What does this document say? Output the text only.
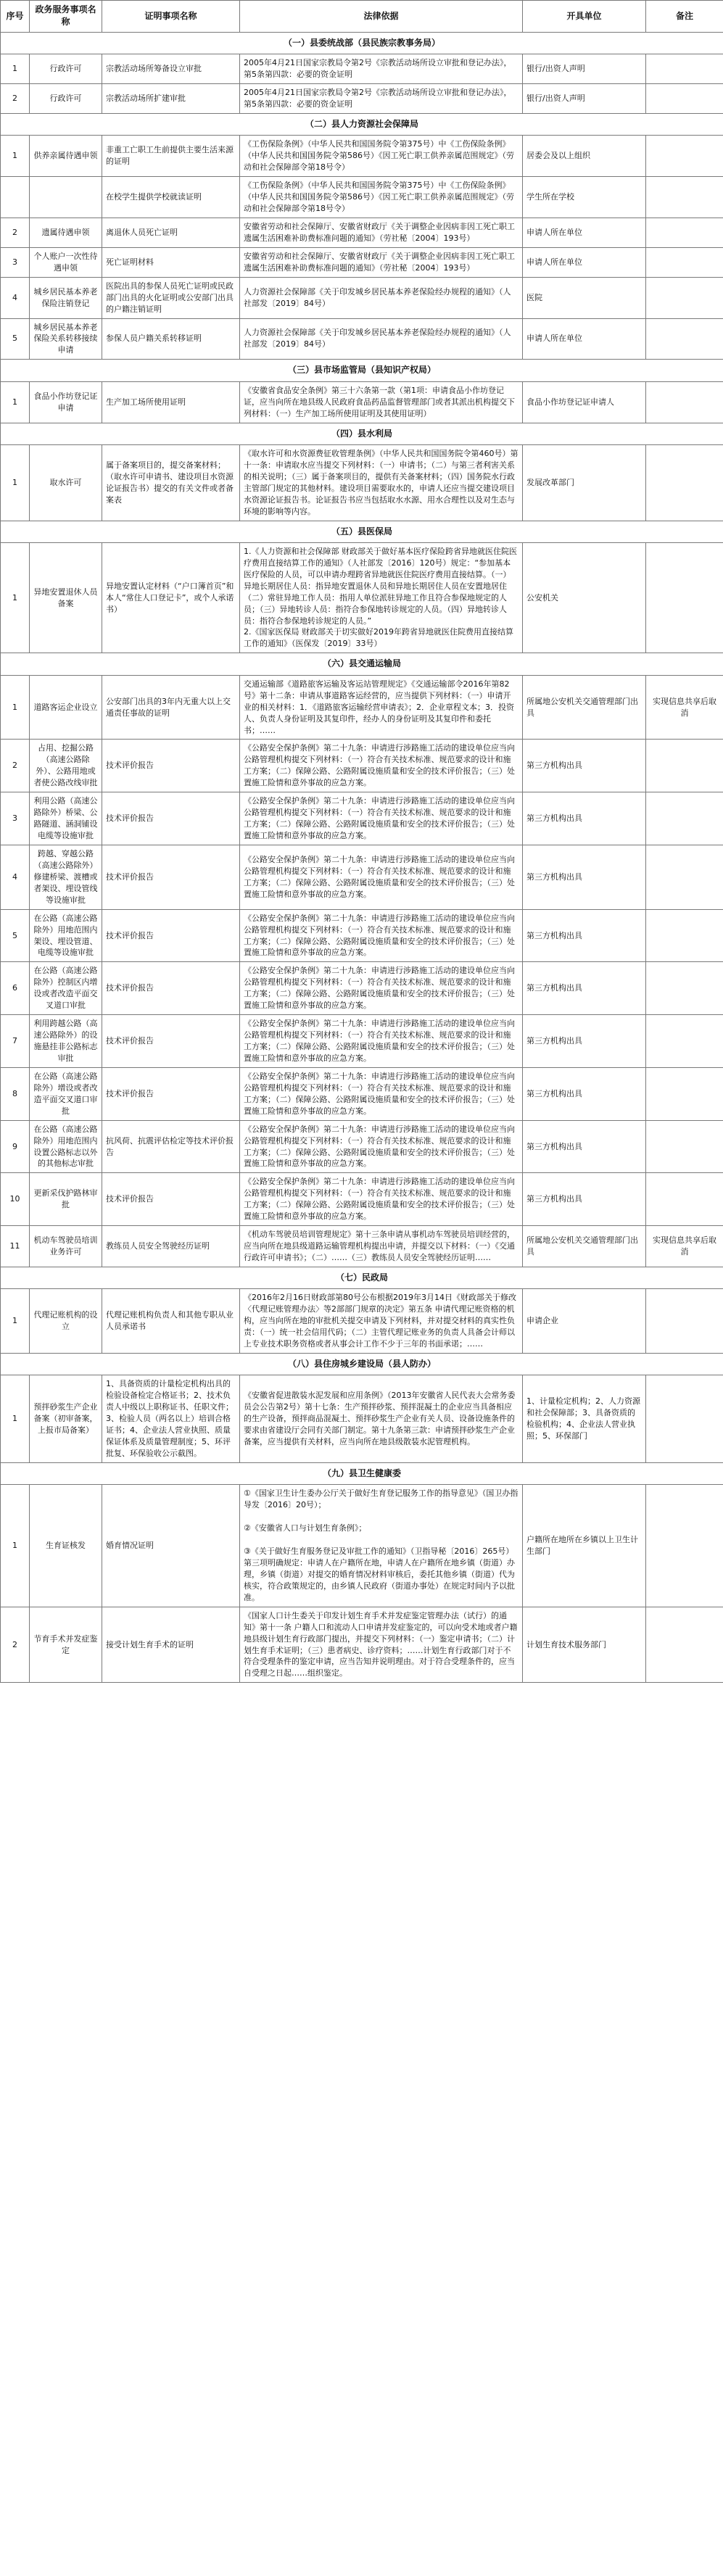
序号	政务服务事项名称	证明事项名称	法律依据	开具单位	备注
（一）县委统战部（县民族宗教事务局）					
1	行政许可	宗教活动场所筹备设立审批	2005年4月21日国家宗教局令第2号《宗教活动场所设立审批和登记办法》，第5条第四款：必要的资金证明	银行/出资人声明	
2	行政许可	宗教活动场所扩建审批	2005年4月21日国家宗教局令第2号《宗教活动场所设立审批和登记办法》，第5条第四款：必要的资金证明	银行/出资人声明	
（二）县人力资源社会保障局					
1	供养亲属待遇申领	非重工亡职工生前提供主要生活来源的证明	《工伤保险条例》（中华人民共和国国务院令第375号）中《工伤保险条例》（中华人民共和国国务院令第586号）《因工死亡职工供养亲属范围规定》（劳动和社会保障部令第18号令）	居委会及以上组织	
		在校学生提供学校就读证明	《工伤保险条例》（中华人民共和国国务院令第375号）中《工伤保险条例》（中华人民共和国国务院令第586号）《因工死亡职工供养亲属范围规定》（劳动和社会保障部令第18号令）	学生所在学校	
2	遗属待遇申领	离退休人员死亡证明	安徽省劳动和社会保障厅、安徽省财政厅《关于调整企业因病非因工死亡职工遗属生活困难补助费标准问题的通知》（劳社秘〔2004〕193号）	申请人所在单位	
3	个人账户一次性待遇申领	死亡证明材料	安徽省劳动和社会保障厅、安徽省财政厅《关于调整企业因病非因工死亡职工遗属生活困难补助费标准问题的通知》（劳社秘〔2004〕193号）	申请人所在单位	
4	城乡居民基本养老保险注销登记	医院出具的参保人员死亡证明或民政部门出具的火化证明或公安部门出具的户籍注销证明	人力资源社会保障部《关于印发城乡居民基本养老保险经办规程的通知》（人社部发〔2019〕84号）	医院	
5	城乡居民基本养老保险关系转移接续申请	参保人员户籍关系转移证明	人力资源社会保障部《关于印发城乡居民基本养老保险经办规程的通知》（人社部发〔2019〕84号）	申请人所在单位	
（三）县市场监管局（县知识产权局）					
1	食品小作坊登记证申请	生产加工场所使用证明	《安徽省食品安全条例》第三十六条第一款（第1项：申请食品小作坊登记证，应当向所在地县级人民政府食品药品监督管理部门或者其派出机构提交下列材料：（一）生产加工场所使用证明及其使用证明）	食品小作坊登记证申请人	
（四）县水利局					
1	取水许可	属于备案项目的，提交备案材料；（取水许可申请书、建设项目水资源论证报告书）提交的有关文件或者备案表	《取水许可和水资源费征收管理条例》（中华人民共和国国务院令第460号）第十一条：申请取水应当提交下列材料：（一）申请书；（二）与第三者利害关系的相关说明；（三）属于备案项目的，提供有关备案材料；（四）国务院水行政主管部门规定的其他材料。建设项目需要取水的，申请人还应当提交建设项目水资源论证报告书。论证报告书应当包括取水水源、用水合理性以及对生态与环境的影响等内容。	发展改革部门	
（五）县医保局					
1	异地安置退休人员备案	异地安置认定材料（“户口簿首页”和本人“常住人口登记卡”，或个人承诺书）	1.《人力资源和社会保障部 财政部关于做好基本医疗保险跨省异地就医住院医疗费用直接结算工作的通知》（人社部发〔2016〕120号）规定：“参加基本医疗保险的人员，可以申请办理跨省异地就医住院医疗费用直接结算。（一）异地长期居住人员：指异地安置退休人员和异地长期居住人员在安置地居住（二）常驻异地工作人员：指用人单位派驻异地工作且符合参保地规定的人员；（三）异地转诊人员：指符合参保地转诊规定的人员。（四）异地转诊人员：指符合参保地转诊规定的人员。”
2.《国家医保局 财政部关于切实做好2019年跨省异地就医住院费用直接结算工作的通知》（医保发〔2019〕33号）	公安机关	
（六）县交通运输局					
1	道路客运企业设立	公安部门出具的3年内无重大以上交通责任事故的证明	交通运输部《道路旅客运输及客运站管理规定》《交通运输部令2016年第82号》第十二条：申请从事道路客运经营的，应当提供下列材料：（一）申请开业的相关材料：1．《道路旅客运输经营申请表》；2．企业章程文本；3．投资人、负责人身份证明及其复印件，经办人的身份证明及其复印件和委托书；……	所属地公安机关交通管理部门出具	实现信息共享后取消
2	占用、挖掘公路（高速公路除外）、公路用地或者使公路改线审批	技术评价报告	《公路安全保护条例》第二十九条：申请进行涉路施工活动的建设单位应当向公路管理机构提交下列材料：（一）符合有关技术标准、规范要求的设计和施工方案；（二）保障公路、公路附属设施质量和安全的技术评价报告；（三）处置施工险情和意外事故的应急方案。	第三方机构出具	
3	利用公路（高速公路除外）桥梁、公路隧道、涵洞铺设电缆等设施审批	技术评价报告	《公路安全保护条例》第二十九条：申请进行涉路施工活动的建设单位应当向公路管理机构提交下列材料：（一）符合有关技术标准、规范要求的设计和施工方案；（二）保障公路、公路附属设施质量和安全的技术评价报告；（三）处置施工险情和意外事故的应急方案。	第三方机构出具	
4	跨越、穿越公路（高速公路除外）修建桥梁、渡槽或者架设、埋设管线等设施审批	技术评价报告	《公路安全保护条例》第二十九条：申请进行涉路施工活动的建设单位应当向公路管理机构提交下列材料：（一）符合有关技术标准、规范要求的设计和施工方案；（二）保障公路、公路附属设施质量和安全的技术评价报告；（三）处置施工险情和意外事故的应急方案。	第三方机构出具	
5	在公路（高速公路除外）用地范围内架设、埋设管道、电缆等设施审批	技术评价报告	《公路安全保护条例》第二十九条：申请进行涉路施工活动的建设单位应当向公路管理机构提交下列材料：（一）符合有关技术标准、规范要求的设计和施工方案；（二）保障公路、公路附属设施质量和安全的技术评价报告；（三）处置施工险情和意外事故的应急方案。	第三方机构出具	
6	在公路（高速公路除外）控制区内增设或者改造平面交叉道口审批	技术评价报告	《公路安全保护条例》第二十九条：申请进行涉路施工活动的建设单位应当向公路管理机构提交下列材料：（一）符合有关技术标准、规范要求的设计和施工方案；（二）保障公路、公路附属设施质量和安全的技术评价报告；（三）处置施工险情和意外事故的应急方案。	第三方机构出具	
7	利用跨越公路（高速公路除外）的设施悬挂非公路标志审批	技术评价报告	《公路安全保护条例》第二十九条：申请进行涉路施工活动的建设单位应当向公路管理机构提交下列材料：（一）符合有关技术标准、规范要求的设计和施工方案；（二）保障公路、公路附属设施质量和安全的技术评价报告；（三）处置施工险情和意外事故的应急方案。	第三方机构出具	
8	在公路（高速公路除外）增设或者改造平面交叉道口审批	技术评价报告	《公路安全保护条例》第二十九条：申请进行涉路施工活动的建设单位应当向公路管理机构提交下列材料：（一）符合有关技术标准、规范要求的设计和施工方案；（二）保障公路、公路附属设施质量和安全的技术评价报告；（三）处置施工险情和意外事故的应急方案。	第三方机构出具	
9	在公路（高速公路除外）用地范围内设置公路标志以外的其他标志审批	抗风荷、抗震评估检定等技术评价报告	《公路安全保护条例》第二十九条：申请进行涉路施工活动的建设单位应当向公路管理机构提交下列材料：（一）符合有关技术标准、规范要求的设计和施工方案；（二）保障公路、公路附属设施质量和安全的技术评价报告；（三）处置施工险情和意外事故的应急方案。	第三方机构出具	
10	更新采伐护路林审批	技术评价报告	《公路安全保护条例》第二十九条：申请进行涉路施工活动的建设单位应当向公路管理机构提交下列材料：（一）符合有关技术标准、规范要求的设计和施工方案；（二）保障公路、公路附属设施质量和安全的技术评价报告；（三）处置施工险情和意外事故的应急方案。	第三方机构出具	
11	机动车驾驶员培训业务许可	教练员人员安全驾驶经历证明	《机动车驾驶员培训管理规定》第十三条申请从事机动车驾驶员培训经营的，应当向所在地县级道路运输管理机构提出申请，并提交以下材料：（一）《交通行政许可申请书》；（二）……（三）教练员人员安全驾驶经历证明……	所属地公安机关交通管理部门出具	实现信息共享后取消
（七）民政局					
1	代理记账机构的设立	代理记账机构负责人和其他专职从业人员承诺书	《2016年2月16日财政部第80号公布根据2019年3月14日《财政部关于修改〈代理记账管理办法〉等2部部门规章的决定》第五条 申请代理记账资格的机构，应当向所在地的审批机关提交申请及下列材料，并对提交材料的真实性负责：（一）统一社会信用代码；（二）主管代理记账业务的负责人具备会计师以上专业技术职务资格或者从事会计工作不少于三年的书面承诺；……	申请企业	
（八）县住房城乡建设局（县人防办）					
1	预拌砂浆生产企业备案（初审备案，上报市局备案）	1、具备资质的计量检定机构出具的检验设备检定合格证书；2、技术负责人中级以上职称证书、任职文件；3、检验人员（两名以上）培训合格证书；4、企业法人营业执照、质量保证体系及质量管理制度；5、环评批复、环保验收公示截图。	《安徽省促进散装水泥发展和应用条例》（2013年安徽省人民代表大会常务委员会公告第2号）第十七条：生产预拌砂浆、预拌混凝土的企业应当具备相应的生产设备，预拌商品混凝土、预拌砂浆生产企业有关人员、设备设施条件的要求由省建设厅会同有关部门制定。第十九条第三款：申请预拌砂浆生产企业备案，应当提供有关材料，应当向所在地县级散装水泥管理机构。	1、计量检定机构；2、人力资源和社会保障部；3、具备资质的检验机构；4、企业法人营业执照；5、环保部门	
（九）县卫生健康委					
1	生育证核发	婚育情况证明	①《国家卫生计生委办公厅关于做好生育登记服务工作的指导意见》（国卫办指导发〔2016〕20号）；

②《安徽省人口与计划生育条例》；

③《关于做好生育服务登记及审批工作的通知》（卫指导秘〔2016〕265号）第三项明确规定：申请人在户籍所在地，申请人在户籍所在地乡镇（街道）办理，乡镇（街道）对提交的婚育情况材料审核后，委托其他乡镇（街道）代为核实，符合政策规定的，由乡镇人民政府（街道办事处）在规定时间内予以批准。	户籍所在地所在乡镇以上卫生计生部门	
2	节育手术并发症鉴定	接受计划生育手术的证明	《国家人口计生委关于印发计划生育手术并发症鉴定管理办法（试行）的通知》第十一条 户籍人口和流动人口申请并发症鉴定的，可以向受术地或者户籍地县级计划生育行政部门提出，并提交下列材料：（一）鉴定申请书；（二）计划生育手术证明；（三）患者病史、诊疗资料；……计划生育行政部门对于不符合受理条件的鉴定申请，应当告知并说明理由。对于符合受理条件的，应当自受理之日起……组织鉴定。	计划生育技术服务部门	
